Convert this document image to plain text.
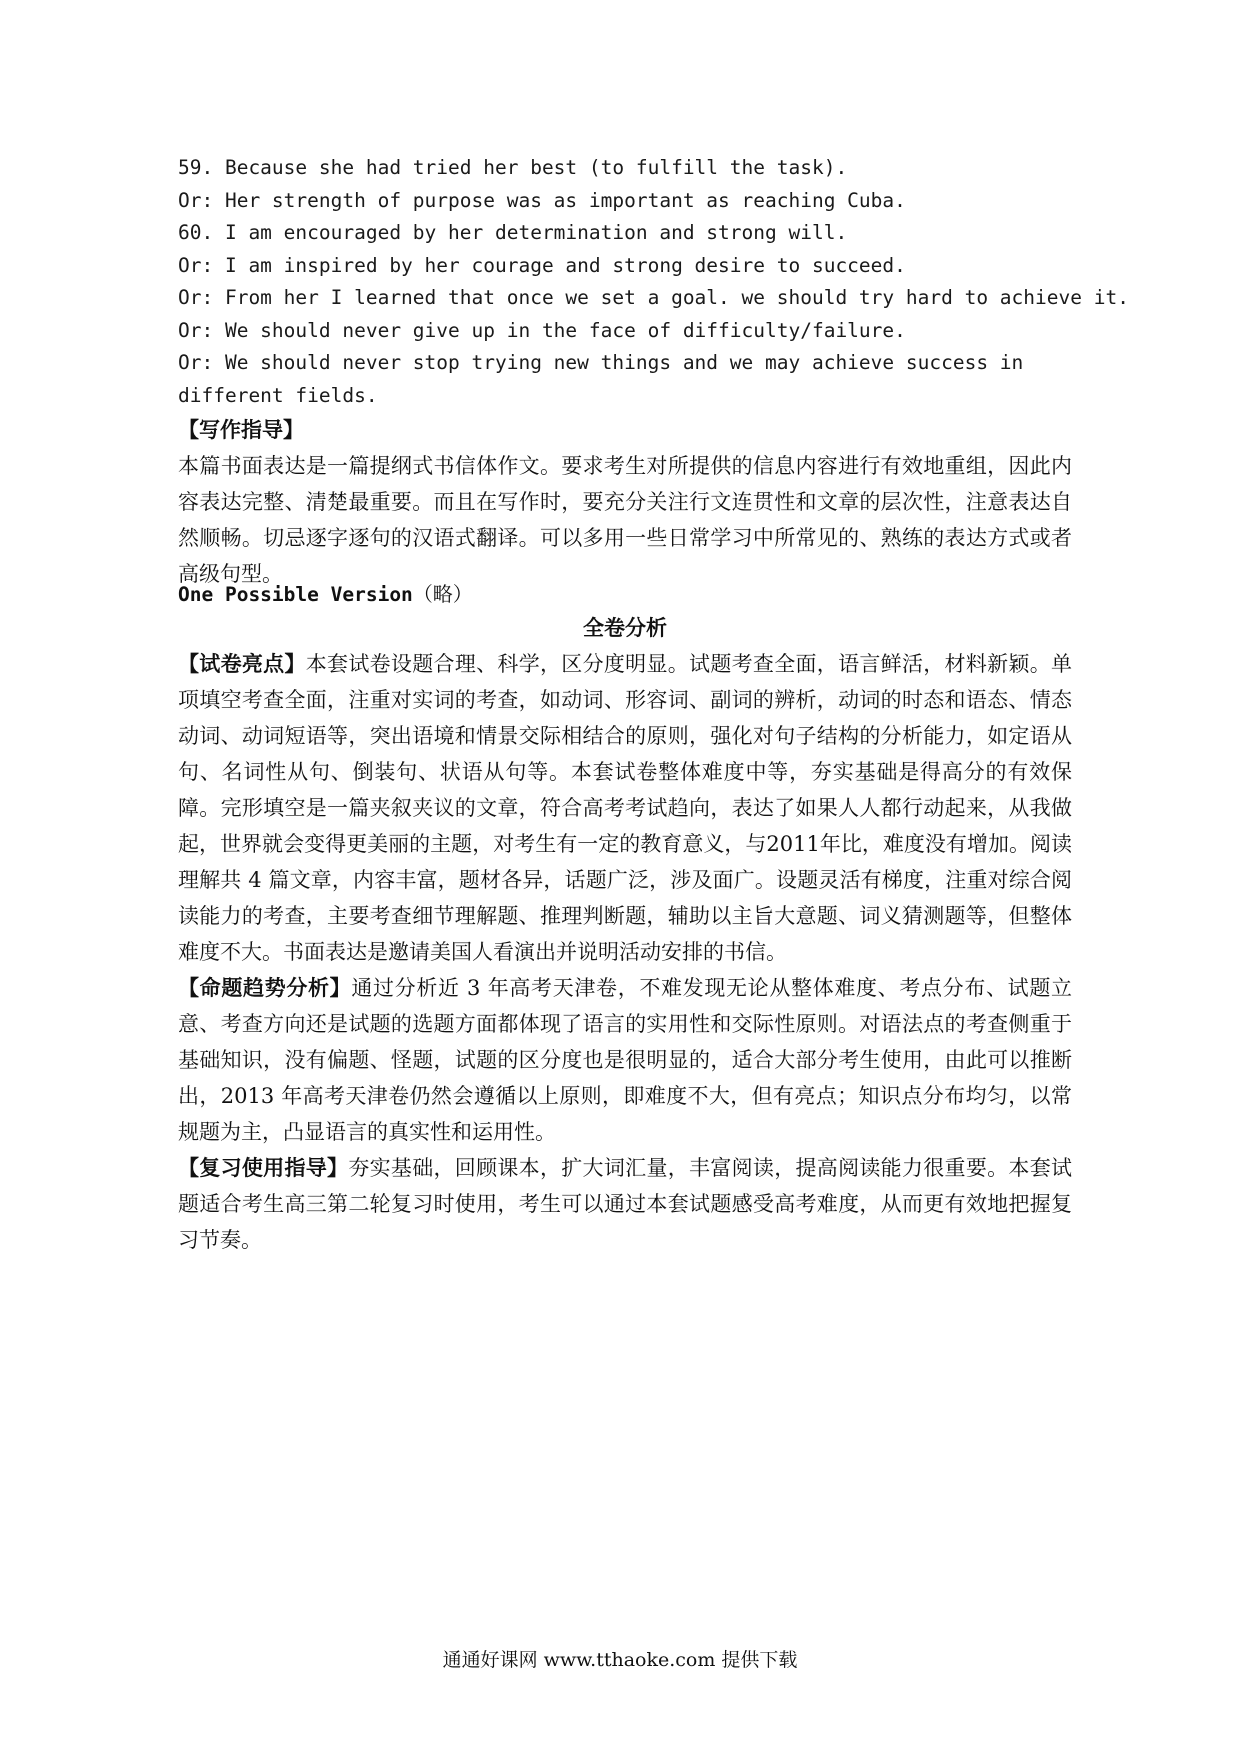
59. Because she had tried her best (to fulfill the task).
Or: Her strength of purpose was as important as reaching Cuba.
60. I am encouraged by her determination and strong will.
Or: I am inspired by her courage and strong desire to succeed.
Or: From her I learned that once we set a goal. we should try hard to achieve it.
Or: We should never give up in the face of difficulty/failure.
Or: We should never stop trying new things and we may achieve success in different fields.
【写作指导】
本篇书面表达是一篇提纲式书信体作文。要求考生对所提供的信息内容进行有效地重组，因此内容表达完整、清楚最重要。而且在写作时，要充分关注行文连贯性和文章的层次性，注意表达自然顺畅。切忌逐字逐句的汉语式翻译。可以多用一些日常学习中所常见的、熟练的表达方式或者高级句型。
One Possible Version（略）
全卷分析
【试卷亮点】本套试卷设题合理、科学，区分度明显。试题考查全面，语言鲜活，材料新颖。单项填空考查全面，注重对实词的考查，如动词、形容词、副词的辨析，动词的时态和语态、情态动词、动词短语等，突出语境和情景交际相结合的原则，强化对句子结构的分析能力，如定语从句、名词性从句、倒装句、状语从句等。本套试卷整体难度中等，夯实基础是得高分的有效保障。完形填空是一篇夹叙夹议的文章，符合高考考试趋向，表达了如果人人都行动起来，从我做起，世界就会变得更美丽的主题，对考生有一定的教育意义，与2011年比，难度没有增加。阅读理解共 4 篇文章，内容丰富，题材各异，话题广泛，涉及面广。设题灵活有梯度，注重对综合阅读能力的考查，主要考查细节理解题、推理判断题，辅助以主旨大意题、词义猜测题等，但整体难度不大。书面表达是邀请美国人看演出并说明活动安排的书信。
【命题趋势分析】通过分析近 3 年高考天津卷，不难发现无论从整体难度、考点分布、试题立意、考查方向还是试题的选题方面都体现了语言的实用性和交际性原则。对语法点的考查侧重于基础知识，没有偏题、怪题，试题的区分度也是很明显的，适合大部分考生使用，由此可以推断出，2013 年高考天津卷仍然会遵循以上原则，即难度不大，但有亮点；知识点分布均匀，以常规题为主，凸显语言的真实性和运用性。
【复习使用指导】夯实基础，回顾课本，扩大词汇量，丰富阅读，提高阅读能力很重要。本套试题适合考生高三第二轮复习时使用，考生可以通过本套试题感受高考难度，从而更有效地把握复习节奏。
通通好课网 www.tthaoke.com 提供下载
